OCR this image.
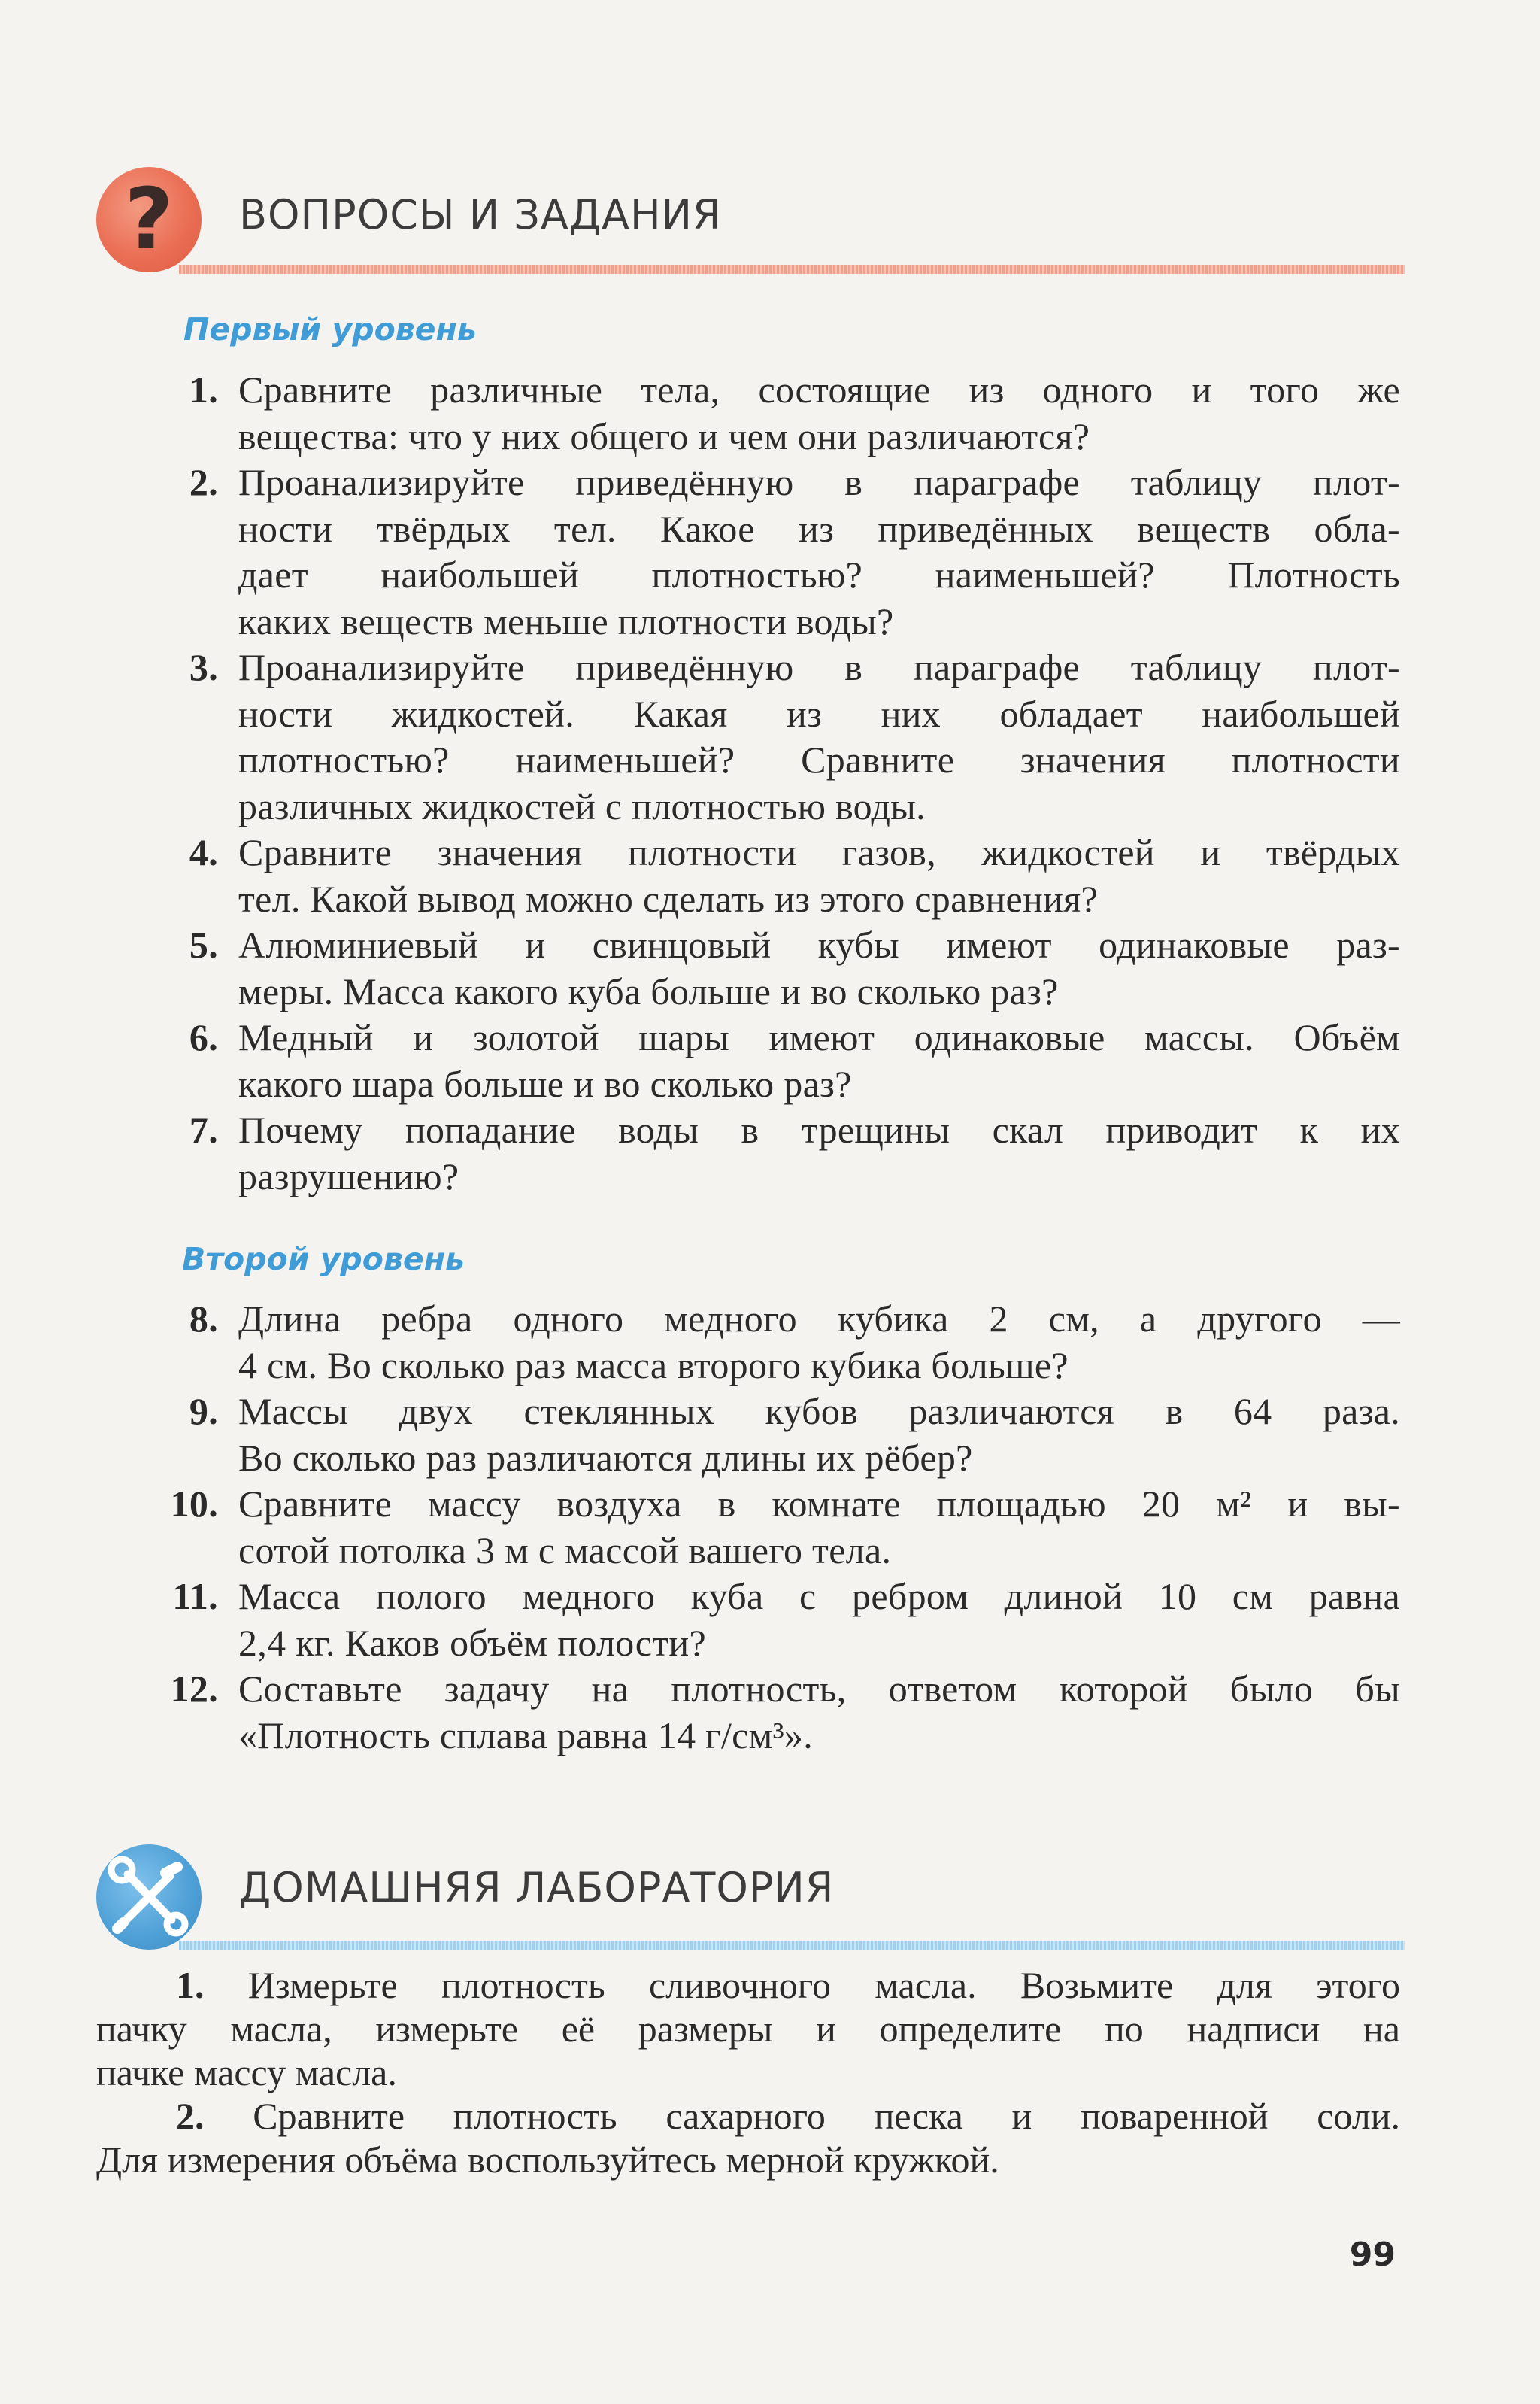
?	ВОПРОСЫ И ЗАДАНИЯ
Первый уровень
1. Сравните различные тела, состоящие из одного и того же
вещества: что у них общего и чем они различаются?
2. Проанализируйте приведённую в параграфе таблицу плот-
ности твёрдых тел. Какое из приведённых веществ обла-
дает наибольшей плотностью? наименьшей? Плотность
каких веществ меньше плотности воды?
3. Проанализируйте приведённую в параграфе таблицу плот-
ности жидкостей. Какая из них обладает наибольшей
плотностью? наименьшей? Сравните значения плотности
различных жидкостей с плотностью воды.
4. Сравните значения плотности газов, жидкостей и твёрдых
тел. Какой вывод можно сделать из этого сравнения?
5. Алюминиевый и свинцовый кубы имеют одинаковые раз-
меры. Масса какого куба больше и во сколько раз?
6. Медный и золотой шары имеют одинаковые массы. Объём
какого шара больше и во сколько раз?
7. Почему попадание воды в трещины скал приводит к их
разрушению?
Второй уровень
8. Длина ребра одного медного кубика 2 см, а другого —
4 см. Во сколько раз масса второго кубика больше?
9. Массы двух стеклянных кубов различаются в 64 раза.
Во сколько раз различаются длины их рёбер?
10. Сравните массу воздуха в комнате площадью 20 м² и вы-
сотой потолка 3 м с массой вашего тела.
11. Масса полого медного куба с ребром длиной 10 см равна
2,4 кг. Каков объём полости?
12. Составьте задачу на плотность, ответом которой было бы
«Плотность сплава равна 14 г/см³».
ДОМАШНЯЯ ЛАБОРАТОРИЯ
1. Измерьте плотность сливочного масла. Возьмите для этого
пачку масла, измерьте её размеры и определите по надписи на
пачке массу масла.
2. Сравните плотность сахарного песка и поваренной соли.
Для измерения объёма воспользуйтесь мерной кружкой.
99
